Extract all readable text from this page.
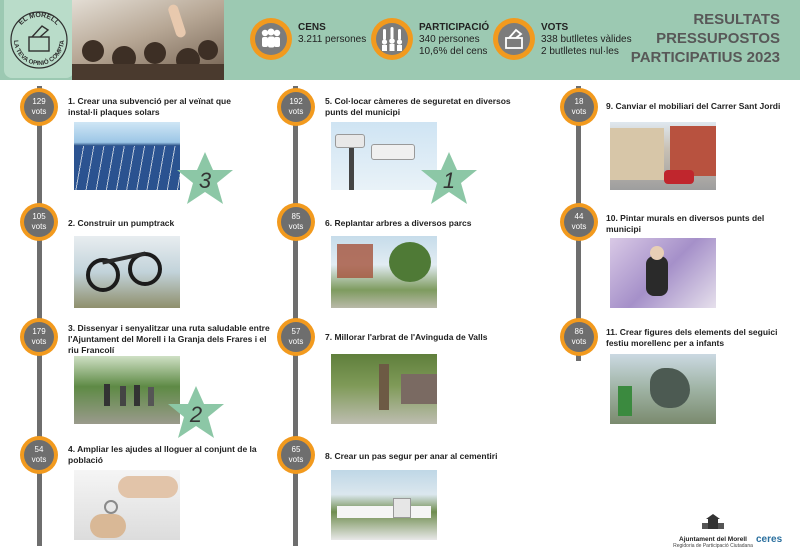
EL MORELL
LA TEVA OPINIÓ COMPTA
CENS
3.211 persones
PARTICIPACIÓ
340 persones
10,6% del cens
VOTS
338 butlletes vàlides
2 butlletes nul·les
RESULTATS
PRESSUPOSTOS
PARTICIPATIUS 2023
129
vots
1. Crear una subvenció per al veïnat que instal·li plaques solars
3
105
vots	2. Construir un pumptrack
179
vots
3. Dissenyar i senyalitzar una ruta saludable entre l'Ajuntament del Morell i la Granja dels Frares i el riu Francolí
2
54
vots
4. Ampliar les ajudes al lloguer al conjunt de la població
192
vots
5. Col·locar càmeres de seguretat en diversos punts del municipi
1
85
vots	6. Replantar arbres a diversos parcs
57
vots	7. Millorar l'arbrat de l'Avinguda de Valls
65
vots	8. Crear un pas segur per anar al cementiri
18
vots
9. Canviar el mobiliari del Carrer Sant Jordi
44
vots
10. Pintar murals en diversos punts del municipi
86
vots
11. Crear figures dels elements del seguici festiu morellenc per a infants
Ajuntament del Morell
Regidoria de Participació Ciutadana
ceres
